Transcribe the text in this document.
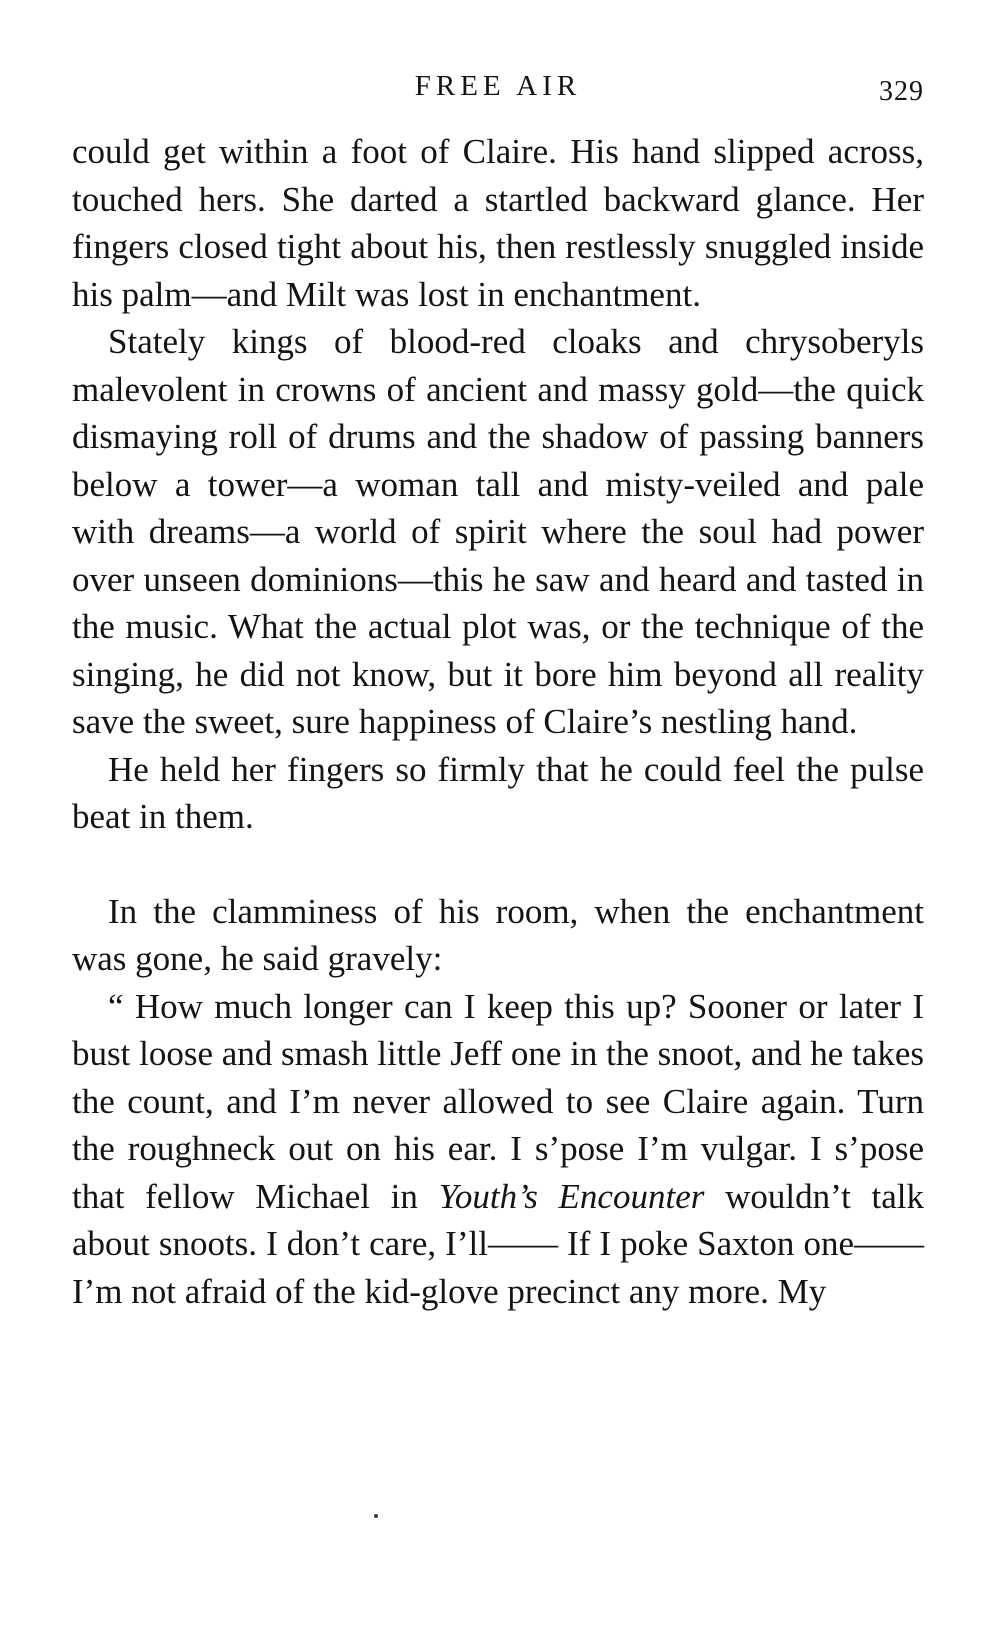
FREE AIR	329

could get within a foot of Claire. His hand slipped across, touched hers. She darted a startled backward glance. Her fingers closed tight about his, then restlessly snuggled inside his palm—and Milt was lost in enchantment.

Stately kings of blood-red cloaks and chrysoberyls malevolent in crowns of ancient and massy gold—the quick dismaying roll of drums and the shadow of passing banners below a tower—a woman tall and misty-veiled and pale with dreams—a world of spirit where the soul had power over unseen dominions—this he saw and heard and tasted in the music. What the actual plot was, or the technique of the singing, he did not know, but it bore him beyond all reality save the sweet, sure happiness of Claire’s nestling hand.

He held her fingers so firmly that he could feel the pulse beat in them.

In the clamminess of his room, when the enchantment was gone, he said gravely:

“ How much longer can I keep this up? Sooner or later I bust loose and smash little Jeff one in the snoot, and he takes the count, and I’m never allowed to see Claire again. Turn the roughneck out on his ear. I s’pose I’m vulgar. I s’pose that fellow Michael in Youth’s Encounter wouldn’t talk about snoots. I don’t care, I’ll—— If I poke Saxton one—— I’m not afraid of the kid-glove precinct any more. My
